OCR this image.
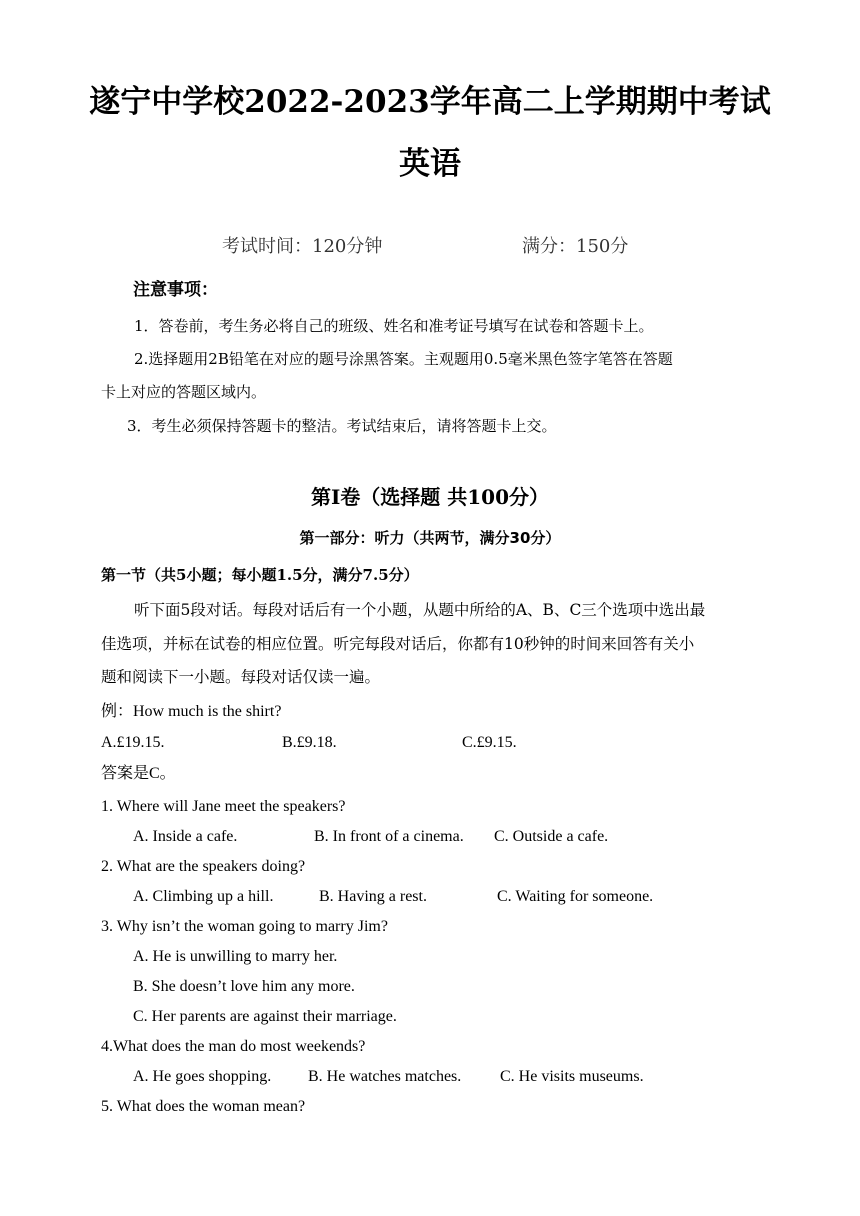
遂宁中学校2022-2023学年高二上学期期中考试
英语
考试时间：120分钟	满分：150分
注意事项：
1．答卷前，考生务必将自己的班级、姓名和准考证号填写在试卷和答题卡上。
2.选择题用2B铅笔在对应的题号涂黑答案。主观题用0.5毫米黑色签字笔答在答题
卡上对应的答题区域内。
3．考生必须保持答题卡的整洁。考试结束后，请将答题卡上交。
第Ⅰ卷（选择题 共100分）
第一部分：听力（共两节，满分30分）
第一节（共5小题；每小题1.5分，满分7.5分）
听下面5段对话。每段对话后有一个小题，从题中所给的A、B、C三个选项中选出最
佳选项，并标在试卷的相应位置。听完每段对话后，你都有10秒钟的时间来回答有关小
题和阅读下一小题。每段对话仅读一遍。
例：How much is the shirt?
A.£19.15.	B.£9.18.	C.£9.15.
答案是C。
1. Where will Jane meet the speakers?
A. Inside a cafe.	B. In front of a cinema. C. Outside a cafe.
2. What are the speakers doing?
A. Climbing up a hill.	B. Having a rest.	C. Waiting for someone.
3. Why isn’t the woman going to marry Jim?
A. He is unwilling to marry her.
B. She doesn’t love him any more.
C. Her parents are against their marriage.
4.What does the man do most weekends?
A. He goes shopping. B. He watches matches. C. He visits museums.
5. What does the woman mean?
